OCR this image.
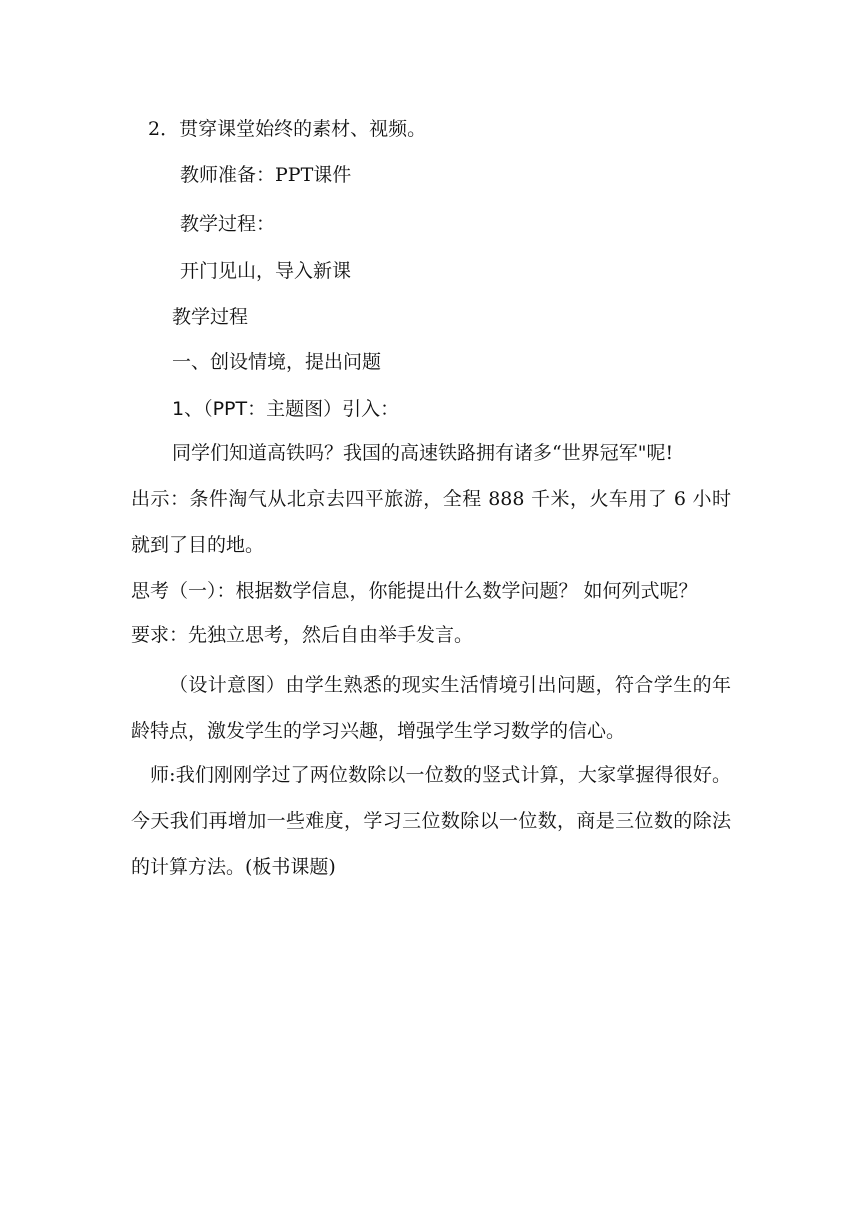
2．贯穿课堂始终的素材、视频。
教师准备：PPT课件
教学过程：
开门见山，导入新课
教学过程
一、创设情境，提出问题
1、（PPT：主题图）引入：
同学们知道高铁吗？我国的高速铁路拥有诸多“世界冠军"呢!
出示：条件淘气从北京去四平旅游，全程 888 千米，火车用了 6 小时就到了目的地。
思考（一）：根据数学信息，你能提出什么数学问题？ 如何列式呢？
要求：先独立思考，然后自由举手发言。
（设计意图）由学生熟悉的现实生活情境引出问题，符合学生的年龄特点，激发学生的学习兴趣，增强学生学习数学的信心。
师:我们刚刚学过了两位数除以一位数的竖式计算，大家掌握得很好。今天我们再增加一些难度，学习三位数除以一位数，商是三位数的除法的计算方法。(板书课题)
